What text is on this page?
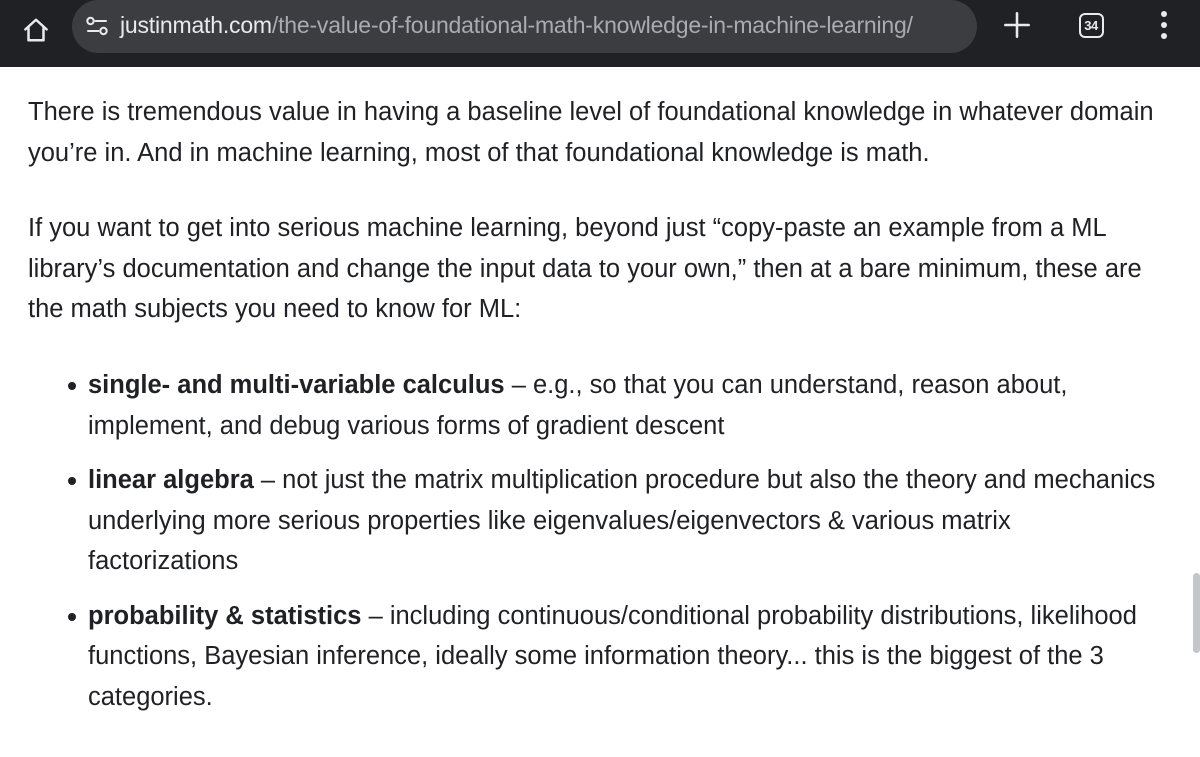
justinmath.com/the-value-of-foundational-math-knowledge-in-machine-learning/	34

There is tremendous value in having a baseline level of foundational knowledge in whatever domain you’re in. And in machine learning, most of that foundational knowledge is math.

If you want to get into serious machine learning, beyond just “copy-paste an example from a ML library’s documentation and change the input data to your own,” then at a bare minimum, these are the math subjects you need to know for ML:

single- and multi-variable calculus – e.g., so that you can understand, reason about, implement, and debug various forms of gradient descent
linear algebra – not just the matrix multiplication procedure but also the theory and mechanics underlying more serious properties like eigenvalues/eigenvectors & various matrix factorizations
probability & statistics – including continuous/conditional probability distributions, likelihood functions, Bayesian inference, ideally some information theory... this is the biggest of the 3 categories.
